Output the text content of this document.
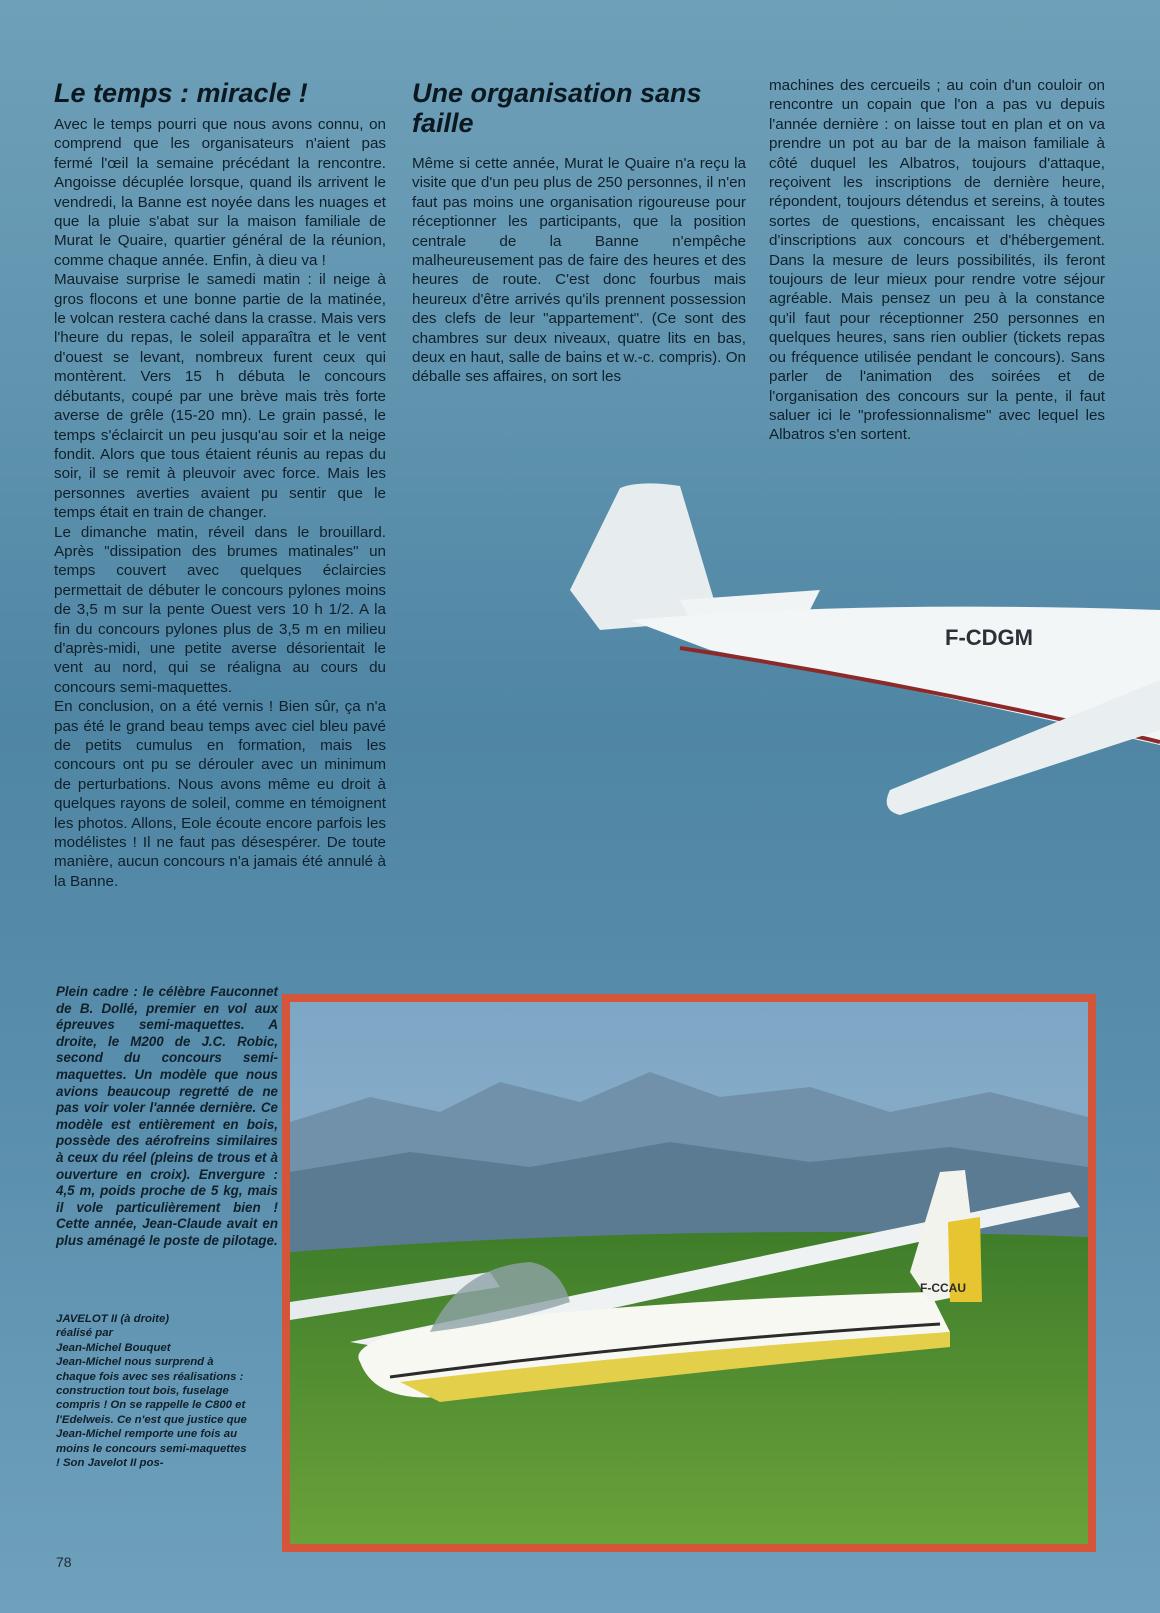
F-CDGM
Le temps : miracle !	Une organisation sans faille

Avec le temps pourri que nous avons connu, on comprend que les organisateurs n'aient pas fermé l'œil la semaine précédant la rencontre. Angoisse décuplée lorsque, quand ils arrivent le vendredi, la Banne est noyée dans les nuages et que la pluie s'abat sur la maison familiale de Murat le Quaire, quartier général de la réunion, comme chaque année. Enfin, à dieu va !

Mauvaise surprise le samedi matin : il neige à gros flocons et une bonne partie de la matinée, le volcan restera caché dans la crasse. Mais vers l'heure du repas, le soleil apparaîtra et le vent d'ouest se levant, nombreux furent ceux qui montèrent. Vers 15 h débuta le concours débutants, coupé par une brève mais très forte averse de grêle (15-20 mn). Le grain passé, le temps s'éclaircit un peu jusqu'au soir et la neige fondit. Alors que tous étaient réunis au repas du soir, il se remit à pleuvoir avec force. Mais les personnes averties avaient pu sentir que le temps était en train de changer.

Le dimanche matin, réveil dans le brouillard. Après "dissipation des brumes matinales" un temps couvert avec quelques éclaircies permettait de débuter le concours pylones moins de 3,5 m sur la pente Ouest vers 10 h 1/2. A la fin du concours pylones plus de 3,5 m en milieu d'après-midi, une petite averse désorientait le vent au nord, qui se réaligna au cours du concours semi-maquettes.

En conclusion, on a été vernis ! Bien sûr, ça n'a pas été le grand beau temps avec ciel bleu pavé de petits cumulus en formation, mais les concours ont pu se dérouler avec un minimum de perturbations. Nous avons même eu droit à quelques rayons de soleil, comme en témoignent les photos. Allons, Eole écoute encore parfois les modélistes ! Il ne faut pas désespérer. De toute manière, aucun concours n'a jamais été annulé à la Banne.

Même si cette année, Murat le Quaire n'a reçu la visite que d'un peu plus de 250 personnes, il n'en faut pas moins une organisation rigoureuse pour réceptionner les participants, que la position centrale de la Banne n'empêche malheureusement pas de faire des heures et des heures de route. C'est donc fourbus mais heureux d'être arrivés qu'ils prennent possession des clefs de leur "appartement". (Ce sont des chambres sur deux niveaux, quatre lits en bas, deux en haut, salle de bains et w.-c. compris). On déballe ses affaires, on sort les

machines des cercueils ; au coin d'un couloir on rencontre un copain que l'on a pas vu depuis l'année dernière : on laisse tout en plan et on va prendre un pot au bar de la maison familiale à côté duquel les Albatros, toujours d'attaque, reçoivent les inscriptions de dernière heure, répondent, toujours détendus et sereins, à toutes sortes de questions, encaissant les chèques d'inscriptions aux concours et d'hébergement. Dans la mesure de leurs possibilités, ils feront toujours de leur mieux pour rendre votre séjour agréable. Mais pensez un peu à la constance qu'il faut pour réceptionner 250 personnes en quelques heures, sans rien oublier (tickets repas ou fréquence utilisée pendant le concours). Sans parler de l'animation des soirées et de l'organisation des concours sur la pente, il faut saluer ici le "professionnalisme" avec lequel les Albatros s'en sortent.

Plein cadre : le célèbre Fauconnet de B. Dollé, premier en vol aux épreuves semi-maquettes. A droite, le M200 de J.C. Robic, second du concours semi-maquettes. Un modèle que nous avions beaucoup regretté de ne pas voir voler l'année dernière. Ce modèle est entièrement en bois, possède des aérofreins similaires à ceux du réel (pleins de trous et à ouverture en croix). Envergure : 4,5 m, poids proche de 5 kg, mais il vole particulièrement bien ! Cette année, Jean-Claude avait en plus aménagé le poste de pilotage.

JAVELOT II (à droite)
réalisé par
Jean-Michel Bouquet
Jean-Michel nous surprend à chaque fois avec ses réalisations : construction tout bois, fuselage compris ! On se rappelle le C800 et l'Edelweis. Ce n'est que justice que Jean-Michel remporte une fois au moins le concours semi-maquettes ! Son Javelot II pos-
F-CCAU
78
